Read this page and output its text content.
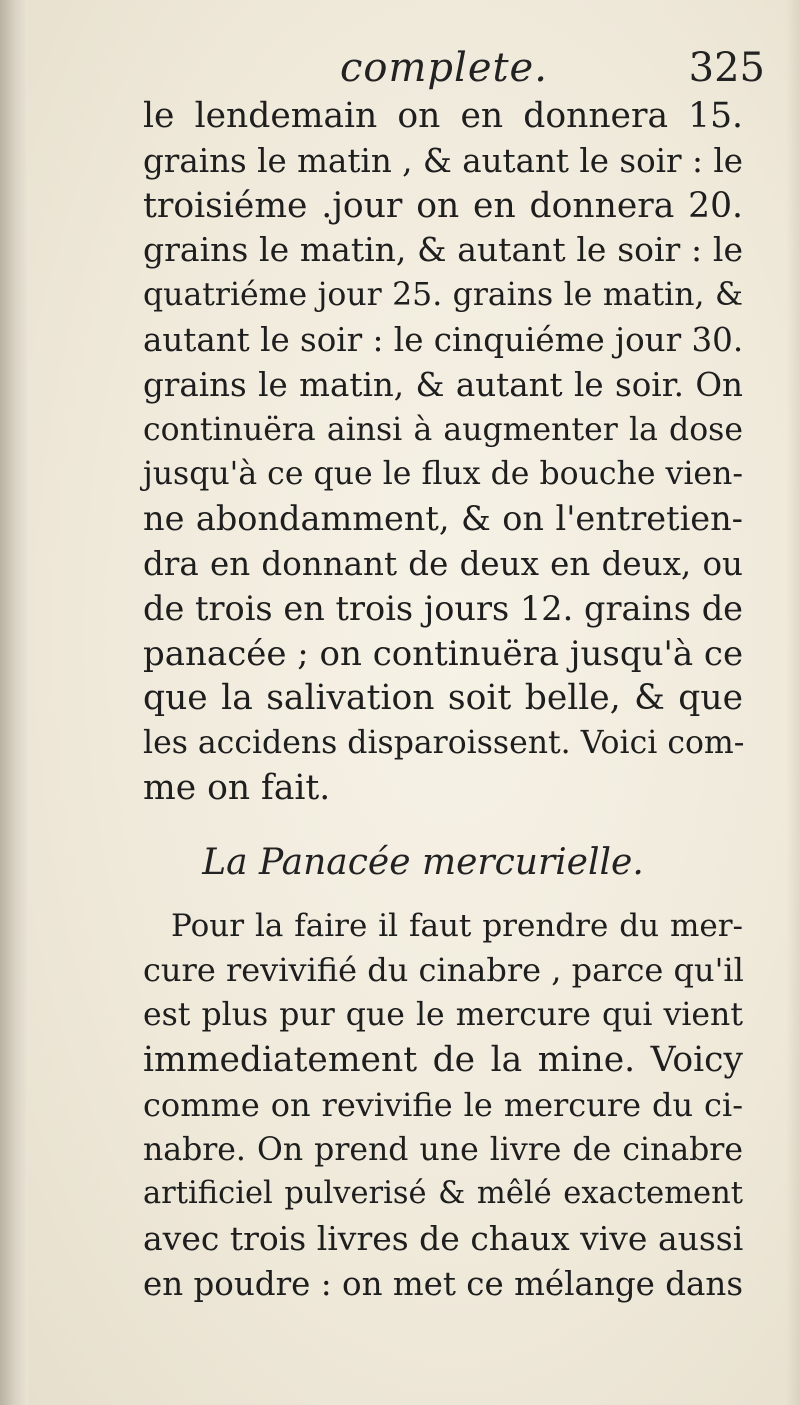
complete.	325
le lendemain on en donnera 15.
grains le matin , & autant le soir : le
troisiéme .jour on en donnera 20.
grains le matin, & autant le soir : le
quatriéme jour 25. grains le matin, &
autant le soir : le cinquiéme jour 30.
grains le matin, & autant le soir. On
continuëra ainsi à augmenter la dose
jusqu'à ce que le flux de bouche vien-
ne abondamment, & on l'entretien-
dra en donnant de deux en deux, ou
de trois en trois jours 12. grains de
panacée ; on continuëra jusqu'à ce
que la salivation soit belle, & que
les accidens disparoissent. Voici com-
me on fait.
La Panacée mercurielle.
Pour la faire il faut prendre du mer-
cure revivifié du cinabre , parce qu'il
est plus pur que le mercure qui vient
immediatement de la mine. Voicy
comme on revivifie le mercure du ci-
nabre. On prend une livre de cinabre
artificiel pulverisé & mêlé exactement
avec trois livres de chaux vive aussi
en poudre : on met ce mélange dans
